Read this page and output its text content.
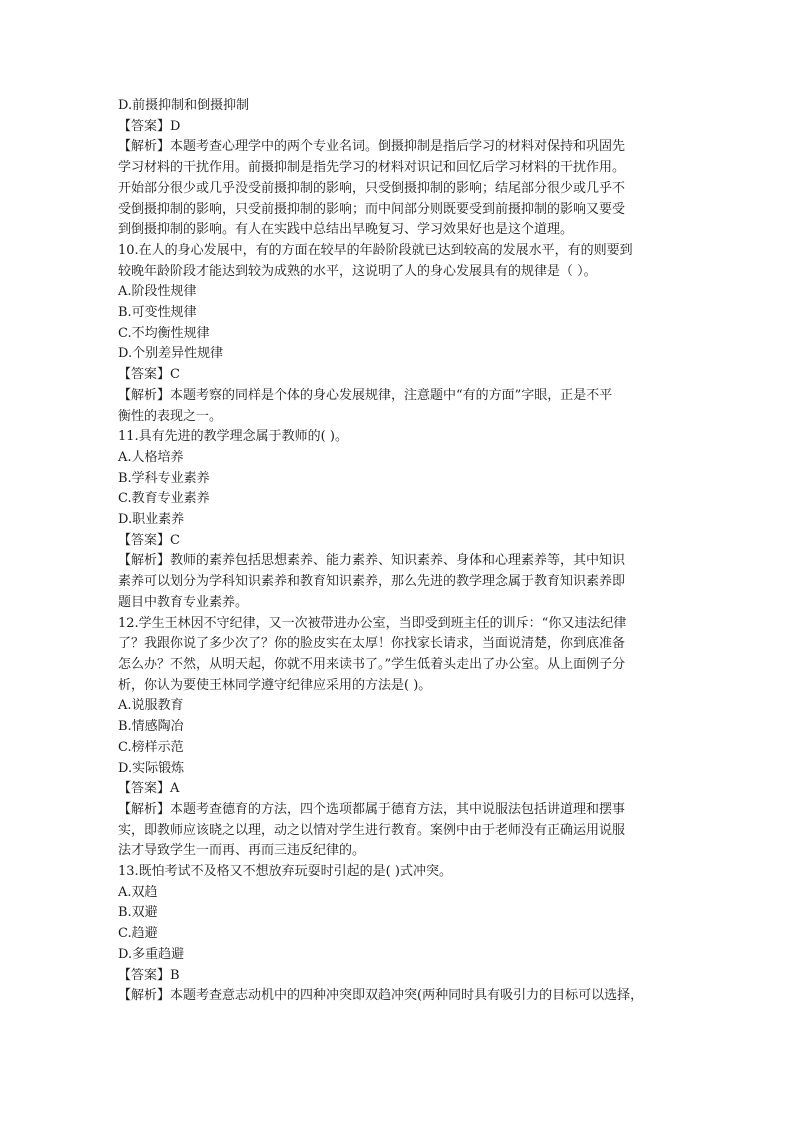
D.前摄抑制和倒摄抑制
【答案】D
【解析】本题考查心理学中的两个专业名词。倒摄抑制是指后学习的材料对保持和巩固先
学习材料的干扰作用。前摄抑制是指先学习的材料对识记和回忆后学习材料的干扰作用。
开始部分很少或几乎没受前摄抑制的影响，只受倒摄抑制的影响；结尾部分很少或几乎不
受倒摄抑制的影响，只受前摄抑制的影响；而中间部分则既要受到前摄抑制的影响又要受
到倒摄抑制的影响。有人在实践中总结出早晚复习、学习效果好也是这个道理。
10.在人的身心发展中，有的方面在较早的年龄阶段就已达到较高的发展水平，有的则要到
较晚年龄阶段才能达到较为成熟的水平，这说明了人的身心发展具有的规律是（ ）。
A.阶段性规律
B.可变性规律
C.不均衡性规律
D.个别差异性规律
【答案】C
【解析】本题考察的同样是个体的身心发展规律，注意题中“有的方面”字眼，正是不平
衡性的表现之一。
11.具有先进的教学理念属于教师的( )。
A.人格培养
B.学科专业素养
C.教育专业素养
D.职业素养
【答案】C
【解析】教师的素养包括思想素养、能力素养、知识素养、身体和心理素养等，其中知识
素养可以划分为学科知识素养和教育知识素养，那么先进的教学理念属于教育知识素养即
题目中教育专业素养。
12.学生王林因不守纪律，又一次被带进办公室，当即受到班主任的训斥：“你又违法纪律
了？我跟你说了多少次了？你的脸皮实在太厚！你找家长请求，当面说清楚，你到底准备
怎么办？不然，从明天起，你就不用来读书了。”学生低着头走出了办公室。从上面例子分
析，你认为要使王林同学遵守纪律应采用的方法是( )。
A.说服教育
B.情感陶冶
C.榜样示范
D.实际锻炼
【答案】A
【解析】本题考查德育的方法，四个选项都属于德育方法，其中说服法包括讲道理和摆事
实，即教师应该晓之以理，动之以情对学生进行教育。案例中由于老师没有正确运用说服
法才导致学生一而再、再而三违反纪律的。
13.既怕考试不及格又不想放弃玩耍时引起的是( )式冲突。
A.双趋
B.双避
C.趋避
D.多重趋避
【答案】B
【解析】本题考查意志动机中的四种冲突即双趋冲突(两种同时具有吸引力的目标可以选择，
